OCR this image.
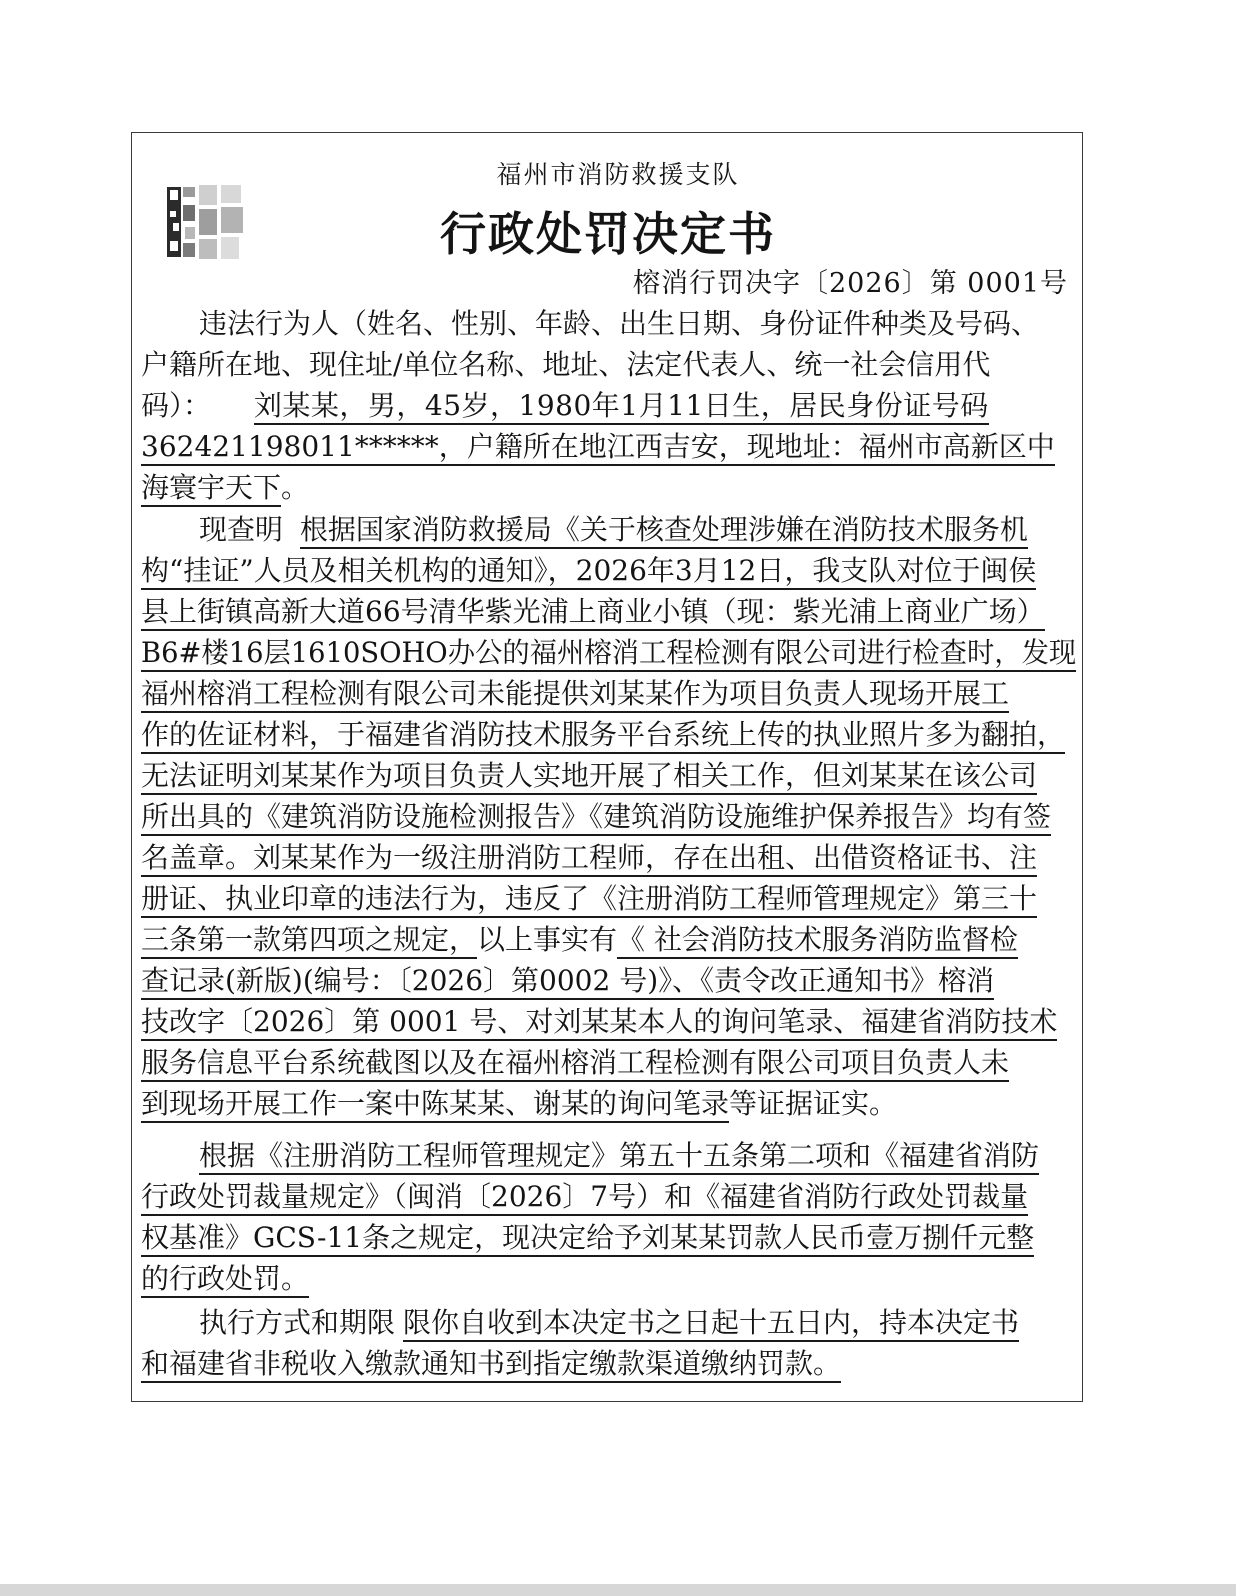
福州市消防救援支队
行政处罚决定书
榕消行罚决字〔2026〕第 0001号
违法行为人（姓名、性别、年龄、出生日期、身份证件种类及号码、
户籍所在地、现住址/单位名称、地址、法定代表人、统一社会信用代
码）： 刘某某，男，45岁，1980年1月11日生，居民身份证号码
362421198011******，户籍所在地江西吉安，现地址：福州市高新区中
海寰宇天下。
现查明 根据国家消防救援局《关于核查处理涉嫌在消防技术服务机
构“挂证”人员及相关机构的通知》，2026年3月12日，我支队对位于闽侯
县上街镇高新大道66号清华紫光浦上商业小镇（现：紫光浦上商业广场）
B6#楼16层1610SOHO办公的福州榕消工程检测有限公司进行检查时，发现
福州榕消工程检测有限公司未能提供刘某某作为项目负责人现场开展工
作的佐证材料，于福建省消防技术服务平台系统上传的执业照片多为翻拍，
无法证明刘某某作为项目负责人实地开展了相关工作，但刘某某在该公司
所出具的《建筑消防设施检测报告》《建筑消防设施维护保养报告》均有签
名盖章。刘某某作为一级注册消防工程师，存在出租、出借资格证书、注
册证、执业印章的违法行为，违反了《注册消防工程师管理规定》第三十
三条第一款第四项之规定，以上事实有《 社会消防技术服务消防监督检
查记录(新版)(编号：〔2026〕第0002 号)》、《责令改正通知书》榕消
技改字〔2026〕第 0001 号、对刘某某本人的询问笔录、福建省消防技术
服务信息平台系统截图以及在福州榕消工程检测有限公司项目负责人未
到现场开展工作一案中陈某某、谢某的询问笔录等证据证实。
根据《注册消防工程师管理规定》第五十五条第二项和《福建省消防
行政处罚裁量规定》（闽消〔2026〕7号）和《福建省消防行政处罚裁量
权基准》GCS-11条之规定，现决定给予刘某某罚款人民币壹万捌仟元整
的行政处罚。
执行方式和期限 限你自收到本决定书之日起十五日内，持本决定书
和福建省非税收入缴款通知书到指定缴款渠道缴纳罚款。
